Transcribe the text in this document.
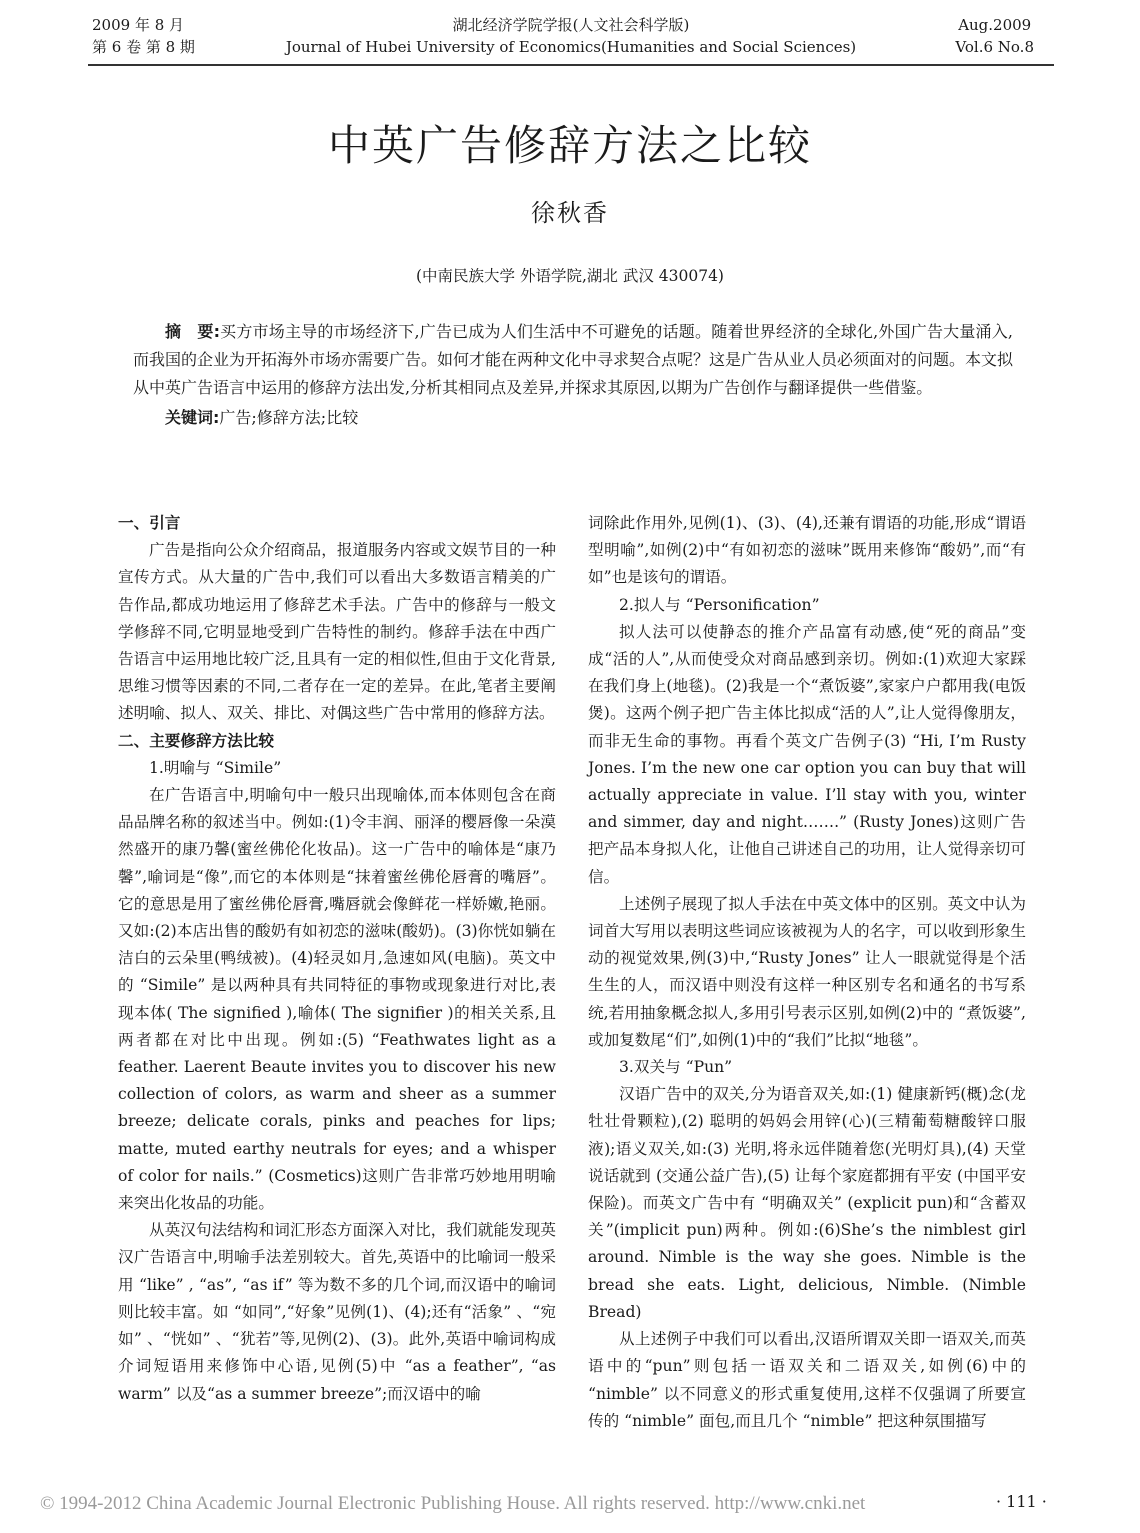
2009 年 8 月
第 6 卷 第 8 期
湖北经济学院学报(人文社会科学版)
Journal of Hubei University of Economics(Humanities and Social Sciences)
Aug.2009
Vol.6 No.8
中英广告修辞方法之比较
徐秋香
(中南民族大学 外语学院,湖北 武汉 430074)

摘　要:买方市场主导的市场经济下,广告已成为人们生活中不可避免的话题。随着世界经济的全球化,外国广告大量涌入,而我国的企业为开拓海外市场亦需要广告。如何才能在两种文化中寻求契合点呢？这是广告从业人员必须面对的问题。本文拟从中英广告语言中运用的修辞方法出发,分析其相同点及差异,并探求其原因,以期为广告创作与翻译提供一些借鉴。

关键词:广告;修辞方法;比较

一、引言

广告是指向公众介绍商品，报道服务内容或文娱节目的一种宣传方式。从大量的广告中,我们可以看出大多数语言精美的广告作品,都成功地运用了修辞艺术手法。广告中的修辞与一般文学修辞不同,它明显地受到广告特性的制约。修辞手法在中西广告语言中运用地比较广泛,且具有一定的相似性,但由于文化背景,思维习惯等因素的不同,二者存在一定的差异。在此,笔者主要阐述明喻、拟人、双关、排比、对偶这些广告中常用的修辞方法。

二、主要修辞方法比较
1.明喻与 “Simile”

在广告语言中,明喻句中一般只出现喻体,而本体则包含在商品品牌名称的叙述当中。例如:(1)令丰润、丽泽的樱唇像一朵漠然盛开的康乃馨(蜜丝佛伦化妆品)。这一广告中的喻体是“康乃馨”,喻词是“像”,而它的本体则是“抹着蜜丝佛伦唇膏的嘴唇”。它的意思是用了蜜丝佛伦唇膏,嘴唇就会像鲜花一样娇嫩,艳丽。又如:(2)本店出售的酸奶有如初恋的滋味(酸奶)。(3)你恍如躺在洁白的云朵里(鸭绒被)。(4)轻灵如月,急速如风(电脑)。英文中的 “Simile” 是以两种具有共同特征的事物或现象进行对比,表现本体( The signified ),喻体( The signifier )的相关关系,且两者都在对比中出现。例如:(5) “Feathwates light as a feather. Laerent Beaute invites you to discover his new collection of colors, as warm and sheer as a summer breeze; delicate corals, pinks and peaches for lips; matte, muted earthy neutrals for eyes; and a whisper of color for nails.” (Cosmetics)这则广告非常巧妙地用明喻来突出化妆品的功能。

从英汉句法结构和词汇形态方面深入对比，我们就能发现英汉广告语言中,明喻手法差别较大。首先,英语中的比喻词一般采用 “like” , “as”, “as if” 等为数不多的几个词,而汉语中的喻词则比较丰富。如 “如同”,“好象”见例(1)、(4);还有“活象” 、“宛如” 、“恍如” 、“犹若”等,见例(2)、(3)。此外,英语中喻词构成介词短语用来修饰中心语,见例(5)中 “as a feather”, “as warm” 以及“as a summer breeze”;而汉语中的喻

词除此作用外,见例(1)、(3)、(4),还兼有谓语的功能,形成“谓语型明喻”,如例(2)中“有如初恋的滋味”既用来修饰“酸奶”,而“有如”也是该句的谓语。

2.拟人与 “Personification”

拟人法可以使静态的推介产品富有动感,使“死的商品”变成“活的人”,从而使受众对商品感到亲切。例如:(1)欢迎大家踩在我们身上(地毯)。(2)我是一个“煮饭婆”,家家户户都用我(电饭煲)。这两个例子把广告主体比拟成“活的人”,让人觉得像朋友，而非无生命的事物。再看个英文广告例子(3) “Hi, I’m Rusty Jones. I’m the new one car option you can buy that will actually appreciate in value. I’ll stay with you, winter and simmer, day and night…….” (Rusty Jones)这则广告把产品本身拟人化，让他自己讲述自己的功用，让人觉得亲切可信。

上述例子展现了拟人手法在中英文体中的区别。英文中认为词首大写用以表明这些词应该被视为人的名字，可以收到形象生动的视觉效果,例(3)中,“Rusty Jones” 让人一眼就觉得是个活生生的人，而汉语中则没有这样一种区别专名和通名的书写系统,若用抽象概念拟人,多用引号表示区别,如例(2)中的 “煮饭婆”,或加复数尾“们”,如例(1)中的“我们”比拟“地毯”。

3.双关与 “Pun”

汉语广告中的双关,分为语音双关,如:(1) 健康新钙(概)念(龙牡壮骨颗粒),(2) 聪明的妈妈会用锌(心)(三精葡萄糖酸锌口服液);语义双关,如:(3) 光明,将永远伴随着您(光明灯具),(4) 天堂说话就到 (交通公益广告),(5) 让每个家庭都拥有平安 (中国平安保险)。而英文广告中有 “明确双关” (explicit pun)和“含蓄双关”(implicit pun)两种。例如:(6)She’s the nimblest girl around. Nimble is the way she goes. Nimble is the bread she eats. Light, delicious, Nimble. (Nimble Bread)

从上述例子中我们可以看出,汉语所谓双关即一语双关,而英语中的“pun”则包括一语双关和二语双关,如例(6)中的 “nimble” 以不同意义的形式重复使用,这样不仅强调了所要宣传的 “nimble” 面包,而且几个 “nimble” 把这种氛围描写

© 1994-2012 China Academic Journal Electronic Publishing House. All rights reserved. http://www.cnki.net	· 111 ·
